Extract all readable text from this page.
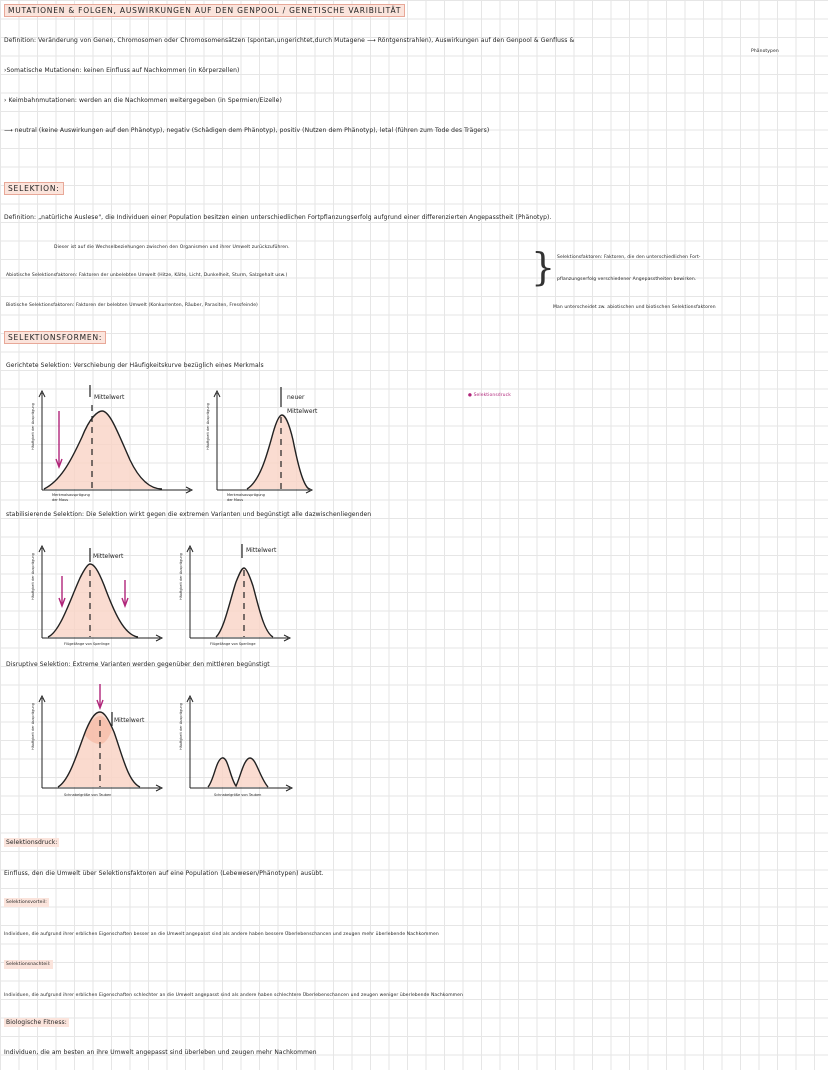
MUTATIONEN & FOLGEN, AUSWIRKUNGEN AUF DEN GENPOOL / GENETISCHE VARIBILITÄT
Definition: Veränderung von Genen, Chromosomen oder Chromosomensätzen (spontan,ungerichtet,durch Mutagene ⟶ Röntgenstrahlen), Auswirkungen auf den Genpool & Genfluss &
Phänotypen
›Somatische Mutationen: keinen Einfluss auf Nachkommen (in Körperzellen)
› Keimbahnmutationen: werden an die Nachkommen weitergegeben (in Spermien/Eizelle)
⟶ neutral (keine Auswirkungen auf den Phänotyp), negativ (Schädigen dem Phänotyp), positiv (Nutzen dem Phänotyp), letal (führen zum Tode des Trägers)
SELEKTION:
Definition: „natürliche Auslese", die Individuen einer Population besitzen einen unterschiedlichen Fortpflanzungserfolg aufgrund einer differenzierten Angepasstheit (Phänotyp).
Dieser ist auf die Wechselbeziehungen zwischen den Organismen und ihrer Umwelt zurückzuführen.
Abiotische Selektionsfaktoren: Faktoren der unbelebten Umwelt (Hitze, Kälte, Licht, Dunkelheit, Sturm, Salzgehalt usw.)
Biotische Selektionsfaktoren: Faktoren der belebten Umwelt (Konkurrenten, Räuber, Parasiten, Fressfeinde)
} Selektionsfaktoren: Faktoren, die den unterschiedlichen Fort-
pflanzungserfolg verschiedener Angepasstheiten bewirken.
Man unterscheidet zw. abiotischen und biotischen Selektionsfaktoren
SELEKTIONSFORMEN:
Gerichtete Selektion: Verschiebung der Häufigkeitskurve bezüglich eines Merkmals
● Selektionsdruck
stabilisierende Selektion: Die Selektion wirkt gegen die extremen Varianten und begünstigt alle dazwischenliegenden
Disruptive Selektion: Extreme Varianten werden gegenüber den mittleren begünstigt
Mittelwert
Häufigkeit der Ausprägung
Merkmalsausprägung
der Maus
neuer
Mittelwert
Häufigkeit der Ausprägung
Merkmalsausprägung
der Maus
Mittelwert
Häufigkeit der Ausprägung
Flügellänge von Sperlinge
Mittelwert
Häufigkeit der Ausprägung
Flügellänge von Sperlinge
Mittelwert
Häufigkeit der Ausprägung
Schnabelgröße von Tauben
Häufigkeit der Ausprägung
Schnabelgröße von Tauben
Selektionsdruck:
Einfluss, den die Umwelt über Selektionsfaktoren auf eine Population (Lebewesen/Phänotypen) ausübt.
Selektionsvorteil:
Individuen, die aufgrund ihrer erblichen Eigenschaften besser an die Umwelt angepasst sind als andere haben bessere Überlebenschancen und zeugen mehr überlebende Nachkommen
Selektionsnachteil:
Individuen, die aufgrund ihrer erblichen Eigenschaften schlechter an die Umwelt angepasst sind als andere haben schlechtere Überlebenschancen und zeugen weniger überlebende Nachkommen
Biologische Fitness:
Individuen, die am besten an ihre Umwelt angepasst sind überleben und zeugen mehr Nachkommen
